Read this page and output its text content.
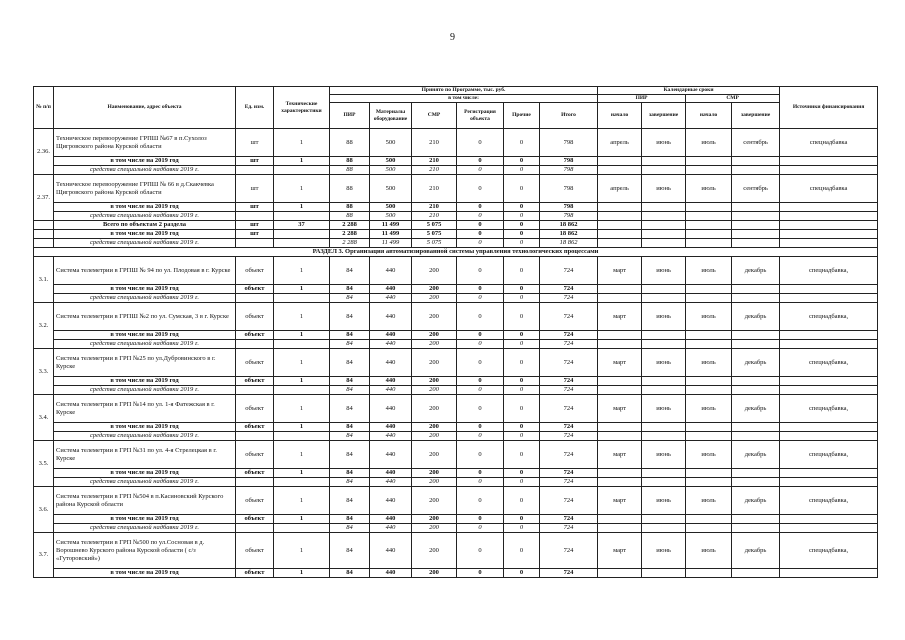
9
№ п/п	Наименование, адрес объекта	Ед. изм.	Технические характеристики	Принято по Программе, тыс. руб.						Календарные сроки				Источники финансирования
				в том числе:						ПИР		СМР		
				ПИР	Материалы оборудование	СМР	Регистрация объекта	Прочие	Итого	начало	завершение	начало	завершение	
2.36.	Техническое перевооружение ГРПШ №67 в п.Сухолоз Щигровского района Курской области	шт	1	88	500	210	0	0	798	апрель	июнь	июль	сентябрь	спецнадбавка
	в том числе на 2019 год	шт	1	88	500	210	0	0	798					
	средства специальной надбавки 2019 г.			88	500	210	0	0	798					
2.37.	Техническое перевооружение ГРПШ № 66 в д.Скакчевка Щигровского района Курской области	шт	1	88	500	210	0	0	798	апрель	июнь	июль	сентябрь	спецнадбавка
	в том числе на 2019 год	шт	1	88	500	210	0	0	798					
	средства специальной надбавки 2019 г.			88	500	210	0	0	798					
	Всего по объектам 2 раздела	шт	37	2 288	11 499	5 075	0	0	18 862					
	в том числе на 2019 год	шт		2 288	11 499	5 075	0	0	18 862					
	средства специальной надбавки 2019 г.			2 288	11 499	5 075	0	0	18 862					
РАЗДЕЛ 3. Организация автоматизированной системы управления технологических процессами														
3.1.	Система телеметрии в ГРПШ № 94 по ул. Плодовая в г. Курске	объект	1	84	440	200	0	0	724	март	июнь	июль	декабрь	спецнадбавка,
	в том числе на 2019 год	объект	1	84	440	200	0	0	724					
	средства специальной надбавки 2019 г.			84	440	200	0	0	724					
3.2.	Система телеметрии в ГРПШ №2 по ул. Сумская, 3 в г. Курске	объект	1	84	440	200	0	0	724	март	июнь	июль	декабрь	спецнадбавка,
	в том числе на 2019 год	объект	1	84	440	200	0	0	724					
	средства специальной надбавки 2019 г.			84	440	200	0	0	724					
3.3.	Система телеметрии в ГРП №25 по ул.Дубровинского в г. Курске	объект	1	84	440	200	0	0	724	март	июнь	июль	декабрь	спецнадбавка,
	в том числе на 2019 год	объект	1	84	440	200	0	0	724					
	средства специальной надбавки 2019 г.			84	440	200	0	0	724					
3.4.	Система телеметрии в ГРП №14 по ул. 1-я Фатежская в г. Курске	объект	1	84	440	200	0	0	724	март	июнь	июль	декабрь	спецнадбавка,
	в том числе на 2019 год	объект	1	84	440	200	0	0	724					
	средства специальной надбавки 2019 г.			84	440	200	0	0	724					
3.5.	Система телеметрии в ГРП №31 по ул. 4-я Стрелецкая в г. Курске	объект	1	84	440	200	0	0	724	март	июнь	июль	декабрь	спецнадбавка,
	в том числе на 2019 год	объект	1	84	440	200	0	0	724					
	средства специальной надбавки 2019 г.			84	440	200	0	0	724					
3.6.	Система телеметрии в ГРП №504 в п.Касиновский Курского района Курской области	объект	1	84	440	200	0	0	724	март	июнь	июль	декабрь	спецнадбавка,
	в том числе на 2019 год	объект	1	84	440	200	0	0	724					
	средства специальной надбавки 2019 г.			84	440	200	0	0	724					
3.7.	Система телеметрии в ГРП №500 по ул.Сосновая в д. Ворошнево Курского района Курской области ( с/з «Гуторовский»)	объект	1	84	440	200	0	0	724	март	июнь	июль	декабрь	спецнадбавка,
	в том числе на 2019 год	объект	1	84	440	200	0	0	724					
